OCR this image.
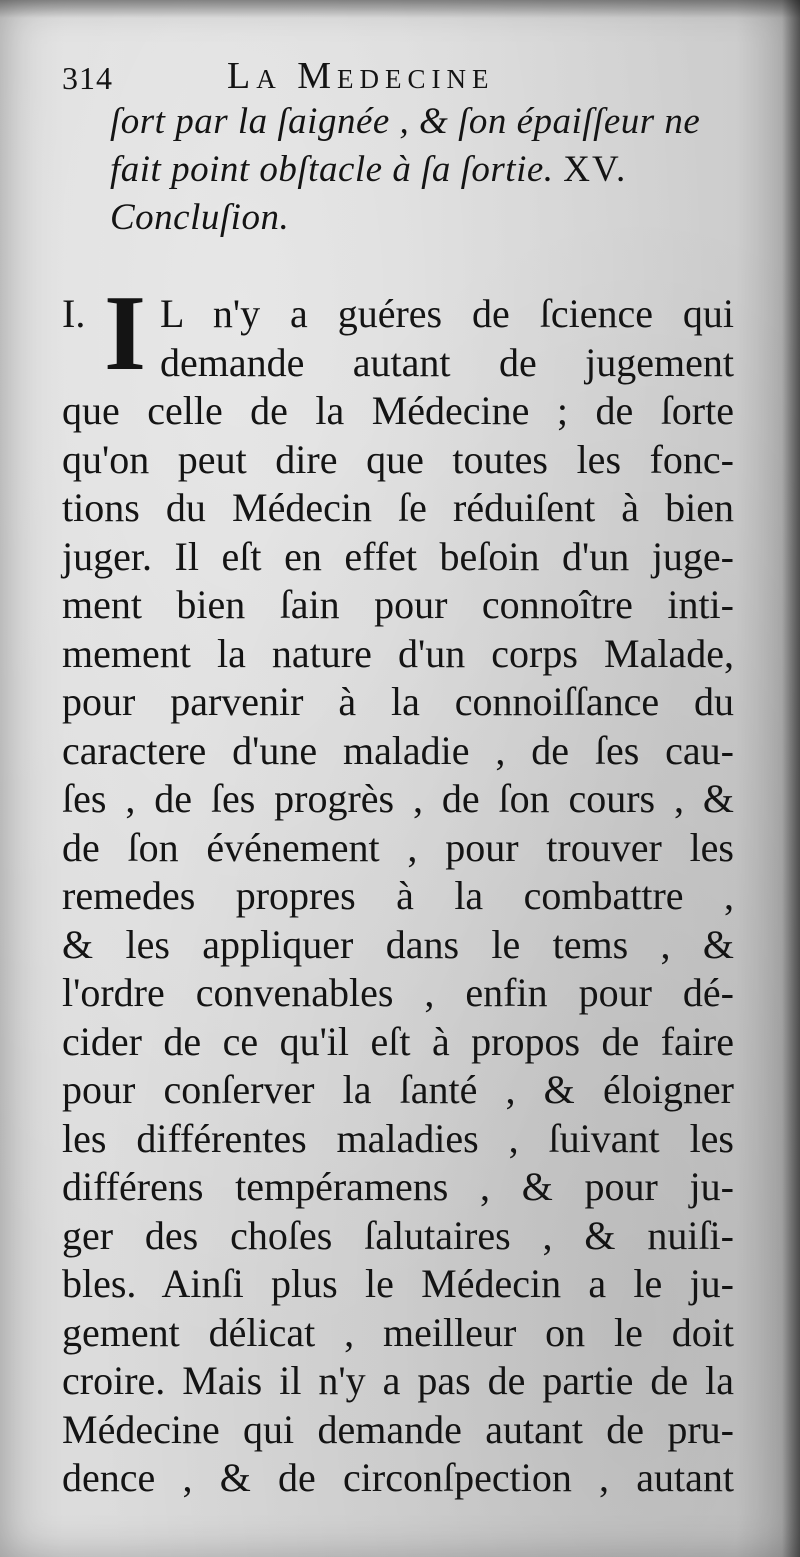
314	La Medecine
ſort par la ſaignée , & ſon épaiſſeur ne
fait point obſtacle à ſa ſortie. XV.
Concluſion.
I. I L n'y a guéres de ſcience qui
demande autant de jugement
que celle de la Médecine ; de ſorte
qu'on peut dire que toutes les fonc-
tions du Médecin ſe réduiſent à bien
juger. Il eſt en effet beſoin d'un juge-
ment bien ſain pour connoître inti-
mement la nature d'un corps Malade,
pour parvenir à la connoiſſance du
caractere d'une maladie , de ſes cau-
ſes , de ſes progrès , de ſon cours , &
de ſon événement , pour trouver les
remedes propres à la combattre ,
& les appliquer dans le tems , &
l'ordre convenables , enfin pour dé-
cider de ce qu'il eſt à propos de faire
pour conſerver la ſanté , & éloigner
les différentes maladies , ſuivant les
différens tempéramens , & pour ju-
ger des choſes ſalutaires , & nuiſi-
bles. Ainſi plus le Médecin a le ju-
gement délicat , meilleur on le doit
croire. Mais il n'y a pas de partie de la
Médecine qui demande autant de pru-
dence , & de circonſpection , autant
